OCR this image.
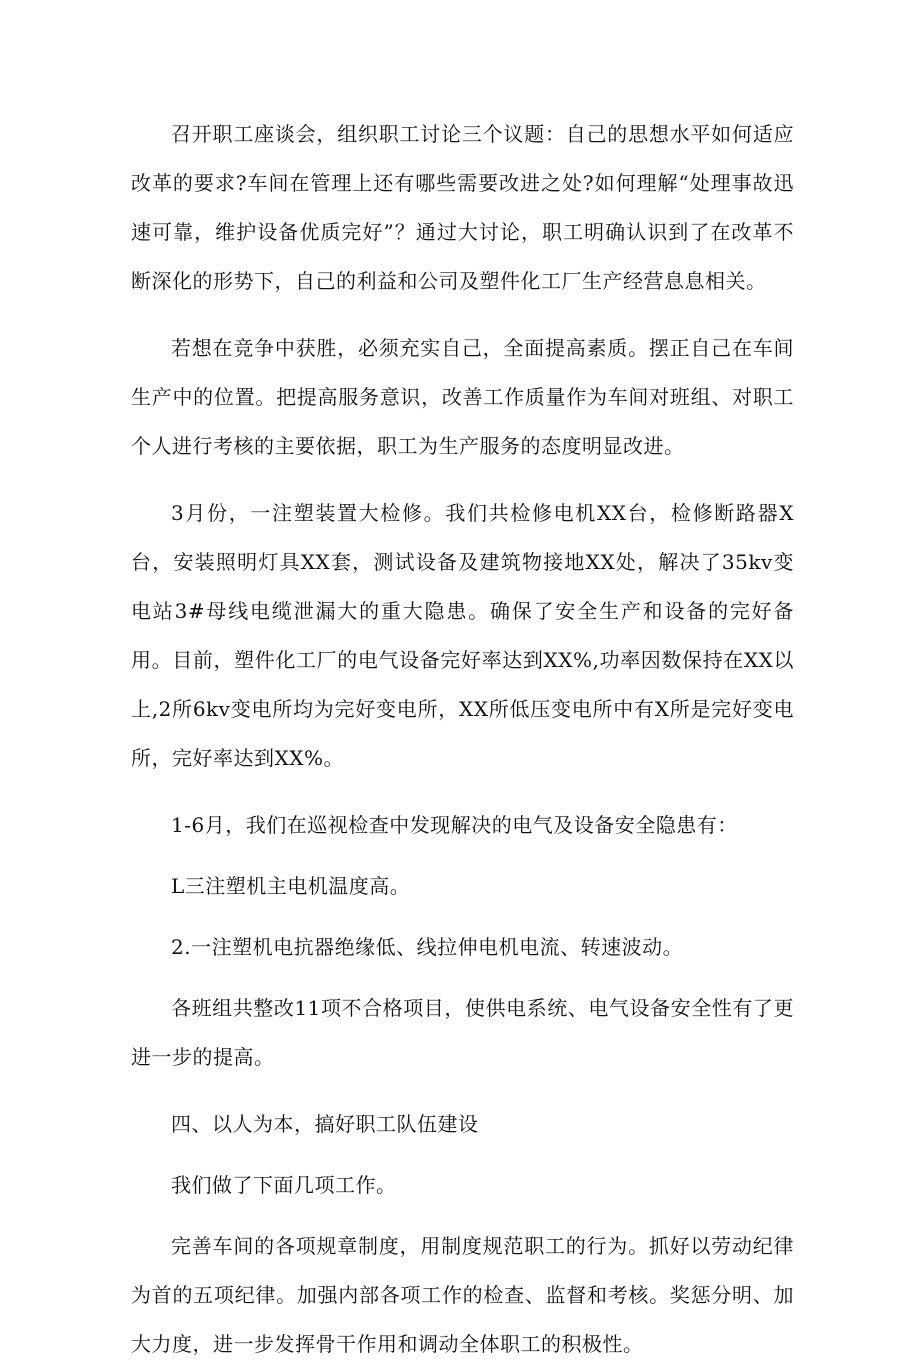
召开职工座谈会，组织职工讨论三个议题：自己的思想水平如何适应改革的要求?车间在管理上还有哪些需要改进之处?如何理解“处理事故迅速可靠，维护设备优质完好”？通过大讨论，职工明确认识到了在改革不断深化的形势下，自己的利益和公司及塑件化工厂生产经营息息相关。

若想在竞争中获胜，必须充实自己，全面提高素质。摆正自己在车间生产中的位置。把提高服务意识，改善工作质量作为车间对班组、对职工个人进行考核的主要依据，职工为生产服务的态度明显改进。

3月份，一注塑装置大检修。我们共检修电机XX台，检修断路器X台，安装照明灯具XX套，测试设备及建筑物接地XX处，解决了35kv变电站3#母线电缆泄漏大的重大隐患。确保了安全生产和设备的完好备用。目前，塑件化工厂的电气设备完好率达到XX%,功率因数保持在XX以上,2所6kv变电所均为完好变电所，XX所低压变电所中有X所是完好变电所，完好率达到XX%。

1-6月，我们在巡视检查中发现解决的电气及设备安全隐患有：

L三注塑机主电机温度高。

2.一注塑机电抗器绝缘低、线拉伸电机电流、转速波动。

各班组共整改11项不合格项目，使供电系统、电气设备安全性有了更进一步的提高。

四、以人为本，搞好职工队伍建设

我们做了下面几项工作。

完善车间的各项规章制度，用制度规范职工的行为。抓好以劳动纪律为首的五项纪律。加强内部各项工作的检查、监督和考核。奖惩分明、加大力度，进一步发挥骨干作用和调动全体职工的积极性。
